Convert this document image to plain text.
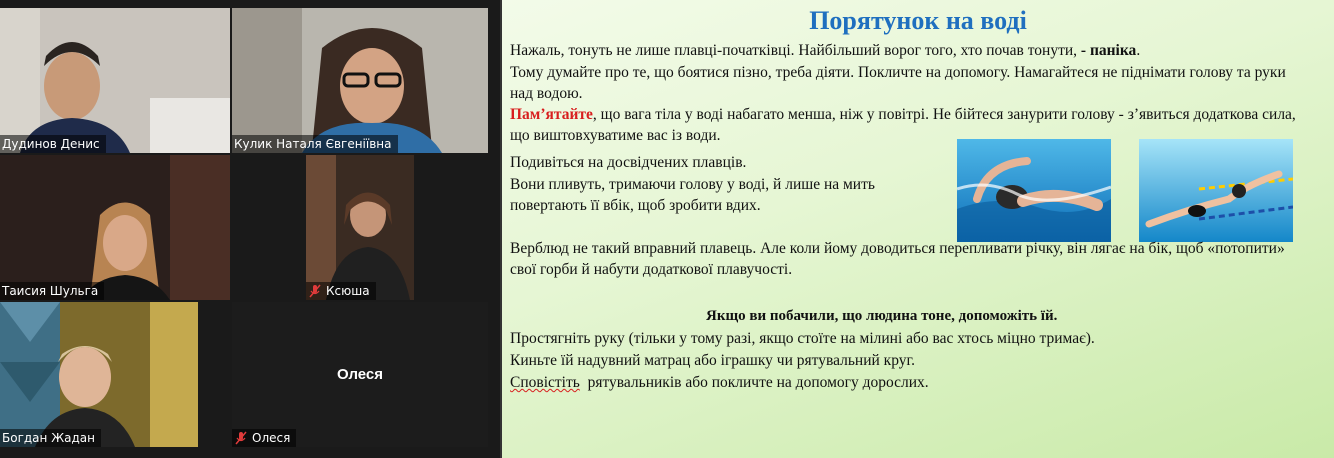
Дудинов Денис	Кулик Наталя Євгеніївна
Таисия Шульга	Ксюша
Богдан Жадан
Олеся
Олеся
Порятунок на воді
Нажаль, тонуть не лише плавці-початківці. Найбільший ворог того, хто почав тонути, - паніка.
Тому думайте про те, що боятися пізно, треба діяти. Покличте на допомогу. Намагайтеся не піднімати голову та руки над водою.
Пам’ятайте, що вага тіла у воді набагато менша, ніж у повітрі. Не бійтеся занурити голову - з’явиться додаткова сила, що виштовхуватиме вас із води.
Подивіться на досвідчених плавців.
Вони пливуть, тримаючи голову у воді, й лише на мить повертають її вбік, щоб зробити вдих.
Верблюд не такий вправний плавець. Але коли йому доводиться перепливати річку, він лягає на бік, щоб «потопити» свої горби й набути додаткової плавучості.
Якщо ви побачили, що людина тоне, допоможіть їй.
Простягніть руку (тільки у тому разі, якщо стоїте на мілині або вас хтось міцно тримає).
Киньте їй надувний матрац або іграшку чи рятувальний круг.
Сповістіть  рятувальників або покличте на допомогу дорослих.
